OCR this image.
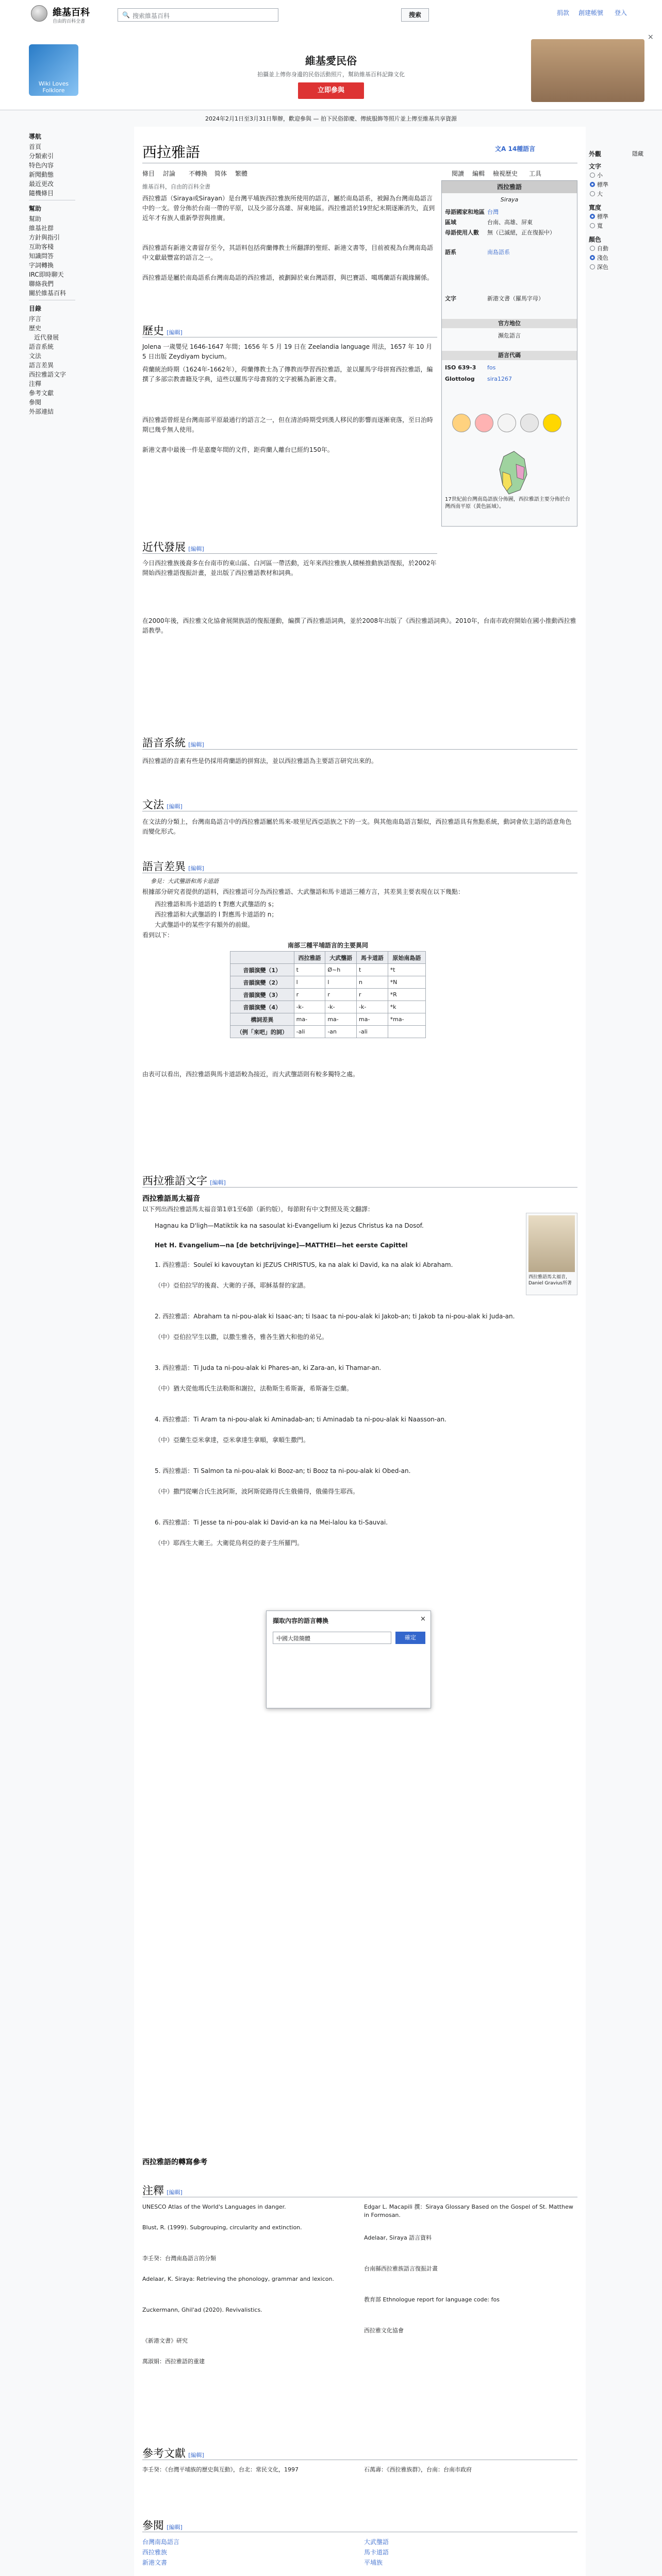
維基百科
自由的百科全書
🔍 搜索維基百科	搜索	捐款 創建帳號 登入
Wiki Loves Folklore
維基愛民俗
拍攝並上傳你身邊的民俗活動照片，幫助維基百科記錄文化
立即參與
×
2024年2月1日至3月31日舉辦，歡迎參與 — 拍下民俗節慶、傳統服飾等照片並上傳至維基共享資源
導航
首頁
分類索引
特色內容
新聞動態
最近更改
隨機條目
幫助
幫助
維基社群
方針與指引
互助客棧
知識問答
字詞轉換
IRC即時聊天
聯絡我們
關於維基百科
目錄
序言
歷史
近代發展
語音系統
文法
語言差異
西拉雅語文字
注釋
參考文獻
參閱
外部連結
外觀	隱藏
文字
小
標準
大
寬度
標準
寬
顏色
自動
淺色
深色
西拉雅語	文A 14種語言
條目 討論 不轉換 简体 繁體	閱讀 編輯 檢視歷史 工具
維基百科，自由的百科全書
西拉雅語（Siraya或Sirayan）是台灣平埔族西拉雅族所使用的語言，屬於南島語系，被歸為台灣南島語言中的一支。曾分佈於台南一帶的平原，以及少部分高雄、屏東地區。西拉雅語於19世紀末期逐漸消失，直到近年才有族人重新學習與推廣。
西拉雅語有新港文書留存至今，其語料包括荷蘭傳教士所翻譯的聖經、新港文書等，目前被視為台灣南島語中文獻最豐富的語言之一。
西拉雅語是屬於南島語系台灣南島語的西拉雅語，被劃歸於東台灣語群，與巴賽語、噶瑪蘭語有親緣關係。
西拉雅語
Siraya
母語國家和地區 台灣
區域	台南、高雄、屏東
母語使用人數	無（已滅絕，正在復振中）
語系	南島語系
文字	新港文書（羅馬字母）
官方地位
瀕危語言
語言代碼
ISO 639-3	fos
Glottolog	sira1267
17世紀前台灣南島語族分佈圖，西拉雅語主要分佈於台灣西南平原（黃色區域）。
歷史 [編輯]
Jolena 一歲嬰兒 1646-1647 年間；1656 年 5 月 19 日在 Zeelandia language 用法，1657 年 10 月 5 日出版 Zeydiyam bycium。
荷蘭統治時期（1624年-1662年），荷蘭傳教士為了傳教而學習西拉雅語，並以羅馬字母拼寫西拉雅語，編撰了多部宗教書籍及字典，這些以羅馬字母書寫的文字被稱為新港文書。
西拉雅語曾經是台灣南部平原最通行的語言之一，但在清治時期受到漢人移民的影響而逐漸衰落，至日治時期已幾乎無人使用。
新港文書中最後一件是嘉慶年間的文件，距荷蘭人離台已經約150年。
近代發展 [編輯]
今日西拉雅族後裔多在台南市的東山區、白河區一帶活動，近年來西拉雅族人積極推動族語復振，於2002年開始西拉雅語復振計畫，並出版了西拉雅語教材和詞典。
在2000年後，西拉雅文化協會展開族語的復振運動，編撰了西拉雅語詞典，並於2008年出版了《西拉雅語詞典》。2010年，台南市政府開始在國小推動西拉雅語教學。
語音系統 [編輯]
西拉雅語的音素有些是仍採用荷蘭語的拼寫法，並以西拉雅語為主要語言研究出來的。
文法 [編輯]
在文法的分類上，台灣南島語言中的西拉雅語屬於馬來-玻里尼西亞語族之下的一支。與其他南島語言類似，西拉雅語具有焦點系統，動詞會依主語的語意角色而變化形式。
語言差異 [編輯]
參見：大武壟語和馬卡道語
根據部分研究者提供的語料，西拉雅語可分為西拉雅語、大武壟語和馬卡道語三種方言，其差異主要表現在以下幾點：
西拉雅語和馬卡道語的 t 對應大武壟語的 s；
西拉雅語和大武壟語的 l 對應馬卡道語的 n；
大武壟語中的某些字有額外的前綴。
看到以下：
南部三種平埔語言的主要異同
	西拉雅語	大武壟語	馬卡道語	原始南島語
音韻演變（1）	t	Ø~h	t	*t
音韻演變（2）	l	l	n	*N
音韻演變（3）	r	r	r	*R
音韻演變（4）	-k-	-k-	-k-	*k
構詞差異	ma-	ma-	ma-	*ma-
（例「來吧」的詞）	-ali	-an	-ali	
由表可以看出，西拉雅語與馬卡道語較為接近，而大武壟語則有較多獨特之處。
西拉雅語文字 [編輯]
西拉雅語馬太福音
以下列出西拉雅語馬太福音第1章1至6節（新約版），每節附有中文對照及英文翻譯：
西拉雅語馬太福音，Daniel Gravius所著
Hagnau ka D'ligh—Matiktik ka na sasoulat ki-Evangelium ki Jezus Christus ka na Dosof.
Het H. Evangelium—na [de betchrijvinge]—MATTHEI—het eerste Capittel
1. 西拉雅語：Souleï ki kavouytan ki JEZUS CHRISTUS, ka na alak ki David, ka na alak ki Abraham.
（中）亞伯拉罕的後裔、大衛的子孫，耶穌基督的家譜。
2. 西拉雅語：Abraham ta ni-pou-alak ki Isaac-an; ti Isaac ta ni-pou-alak ki Jakob-an; ti Jakob ta ni-pou-alak ki Juda-an.
（中）亞伯拉罕生以撒，以撒生雅各，雅各生猶大和他的弟兄。
3. 西拉雅語：Ti Juda ta ni-pou-alak ki Phares-an, ki Zara-an, ki Thamar-an.
（中）猶大從他瑪氏生法勒斯和謝拉，法勒斯生希斯崙，希斯崙生亞蘭。
4. 西拉雅語：Ti Aram ta ni-pou-alak ki Aminadab-an; ti Aminadab ta ni-pou-alak ki Naasson-an.
（中）亞蘭生亞米拿達，亞米拿達生拿順，拿順生撒門。
5. 西拉雅語：Ti Salmon ta ni-pou-alak ki Booz-an; ti Booz ta ni-pou-alak ki Obed-an.
（中）撒門從喇合氏生波阿斯，波阿斯從路得氏生俄備得，俄備得生耶西。
6. 西拉雅語：Ti Jesse ta ni-pou-alak ki David-an ka na Mei-lalou ka ti-Sauvai.
（中）耶西生大衛王。大衛從烏利亞的妻子生所羅門。
擷取內容的語言轉換	×
中國大陸簡體	確定
西拉雅語的轉寫參考
注釋 [編輯]
UNESCO Atlas of the World's Languages in danger.
Blust, R. (1999). Subgrouping, circularity and extinction.
李壬癸：台灣南島語言的分類
Adelaar, K. Siraya: Retrieving the phonology, grammar and lexicon.
Zuckermann, Ghil'ad (2020). Revivalistics.
《新港文書》研究
萬淑娟：西拉雅語的重建
Edgar L. Macapili 撰：Siraya Glossary Based on the Gospel of St. Matthew in Formosan.
Adelaar, Siraya 語言資料
台南縣西拉雅族語言復振計畫
教育部 Ethnologue report for language code: fos
西拉雅文化協會
參考文獻 [編輯]
李壬癸：《台灣平埔族的歷史與互動》，台北：常民文化，1997	石萬壽：《西拉雅族群》，台南：台南市政府
參閱 [編輯]
台灣南島語言
西拉雅族
新港文書
大武壟語
馬卡道語
平埔族
